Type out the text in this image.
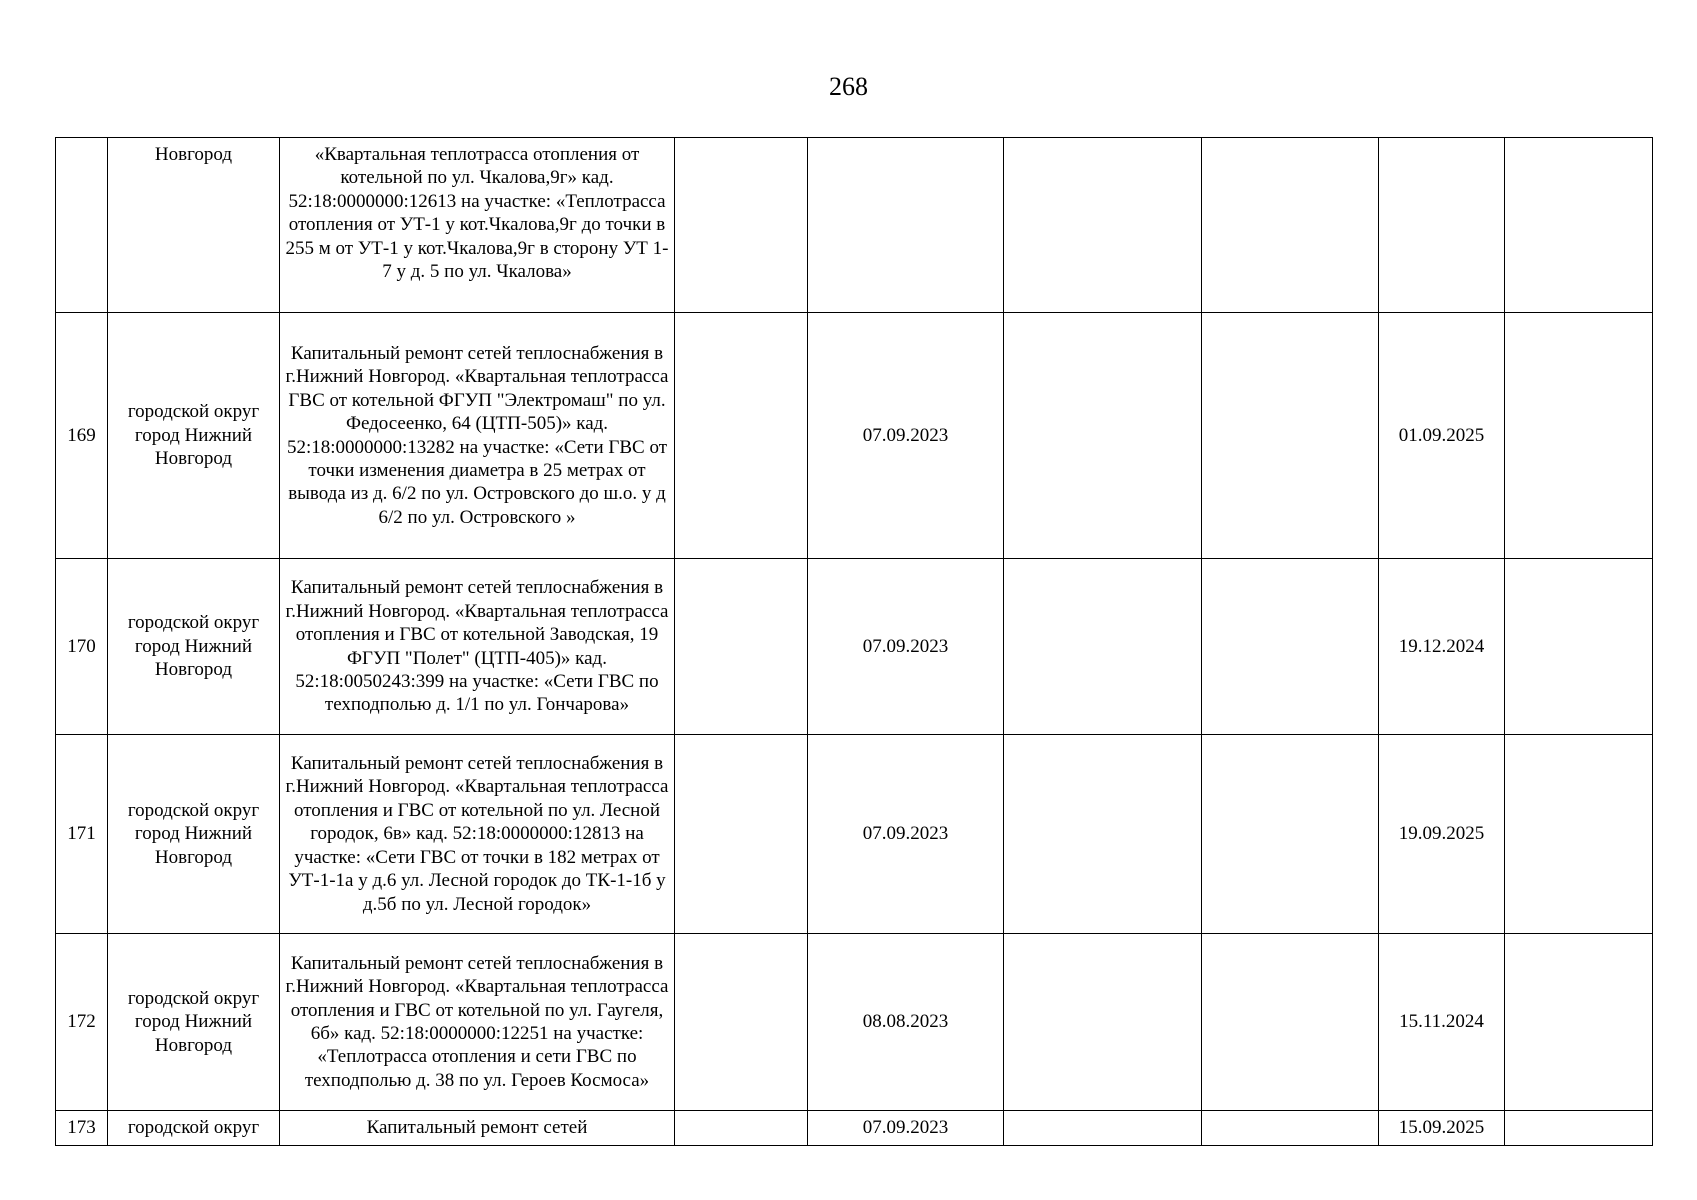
268
	Новгород	«Квартальная теплотрасса отопления от котельной по ул. Чкалова,9г» кад. 52:18:0000000:12613 на участке: «Теплотрасса отопления от УТ-1 у кот.Чкалова,9г до точки в 255 м от УТ-1 у кот.Чкалова,9г в сторону УТ 1-7 у д. 5 по ул. Чкалова»						
169	городской округ город Нижний Новгород	Капитальный ремонт сетей теплоснабжения в г.Нижний Новгород. «Квартальная теплотрасса ГВС от котельной ФГУП "Электромаш" по ул. Федосеенко, 64 (ЦТП-505)» кад. 52:18:0000000:13282 на участке: «Сети ГВС от точки изменения диаметра в 25 метрах от вывода из д. 6/2 по ул. Островского до ш.о. у д 6/2 по ул. Островского »		07.09.2023			01.09.2025	
170	городской округ город Нижний Новгород	Капитальный ремонт сетей теплоснабжения в г.Нижний Новгород. «Квартальная теплотрасса отопления и ГВС от котельной Заводская, 19 ФГУП "Полет" (ЦТП-405)» кад. 52:18:0050243:399 на участке: «Сети ГВС по техподполью д. 1/1 по ул. Гончарова»		07.09.2023			19.12.2024	
171	городской округ город Нижний Новгород	Капитальный ремонт сетей теплоснабжения в г.Нижний Новгород. «Квартальная теплотрасса отопления и ГВС от котельной по ул. Лесной городок, 6в» кад. 52:18:0000000:12813 на участке: «Сети ГВС от точки в 182 метрах от УТ-1-1а у д.6 ул. Лесной городок до ТК-1-1б у д.5б по ул. Лесной городок»		07.09.2023			19.09.2025	
172	городской округ город Нижний Новгород	Капитальный ремонт сетей теплоснабжения в г.Нижний Новгород. «Квартальная теплотрасса отопления и ГВС от котельной по ул. Гаугеля, 6б» кад. 52:18:0000000:12251 на участке: «Теплотрасса отопления и сети ГВС по техподполью д. 38 по ул. Героев Космоса»		08.08.2023			15.11.2024	
173	городской округ	Капитальный ремонт сетей		07.09.2023			15.09.2025	
